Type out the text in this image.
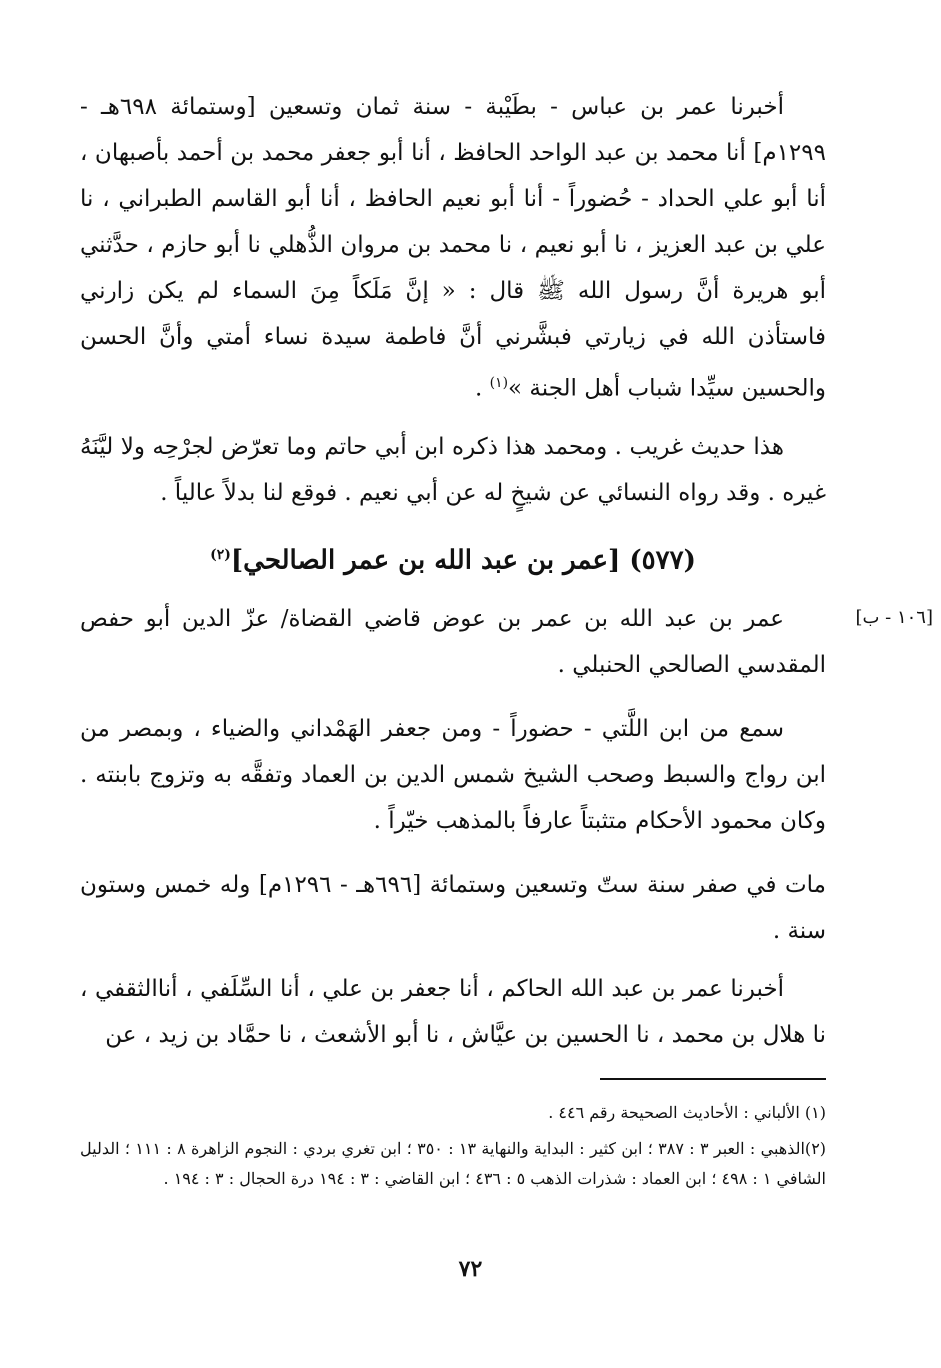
أخبرنا عمر بن عباس - بطَيْبة - سنة ثمان وتسعين [وستمائة ٦٩٨هـ - ١٢٩٩م] أنا محمد بن عبد الواحد الحافظ ، أنا أبو جعفر محمد بن أحمد بأصبهان ، أنا أبو علي الحداد - حُضوراً - أنا أبو نعيم الحافظ ، أنا أبو القاسم الطبراني ، نا علي بن عبد العزيز ، نا أبو نعيم ، نا محمد بن مروان الذُّهلي نا أبو حازم ، حدَّثني أبو هريرة أنَّ رسول الله ﷺ قال : « إنَّ مَلَكاً مِنَ السماء لم يكن زارني فاستأذن الله في زيارتي فبشَّرني أنَّ فاطمة سيدة نساء أمتي وأنَّ الحسن والحسين سيِّدا شباب أهل الجنة »$^{(١)}$ .

هذا حديث غريب . ومحمد هذا ذكره ابن أبي حاتم وما تعرّض لجرْحِه ولا ليَّنَهُ غيره . وقد رواه النسائي عن شيخٍ له عن أبي نعيم . فوقع لنا بدلاً عالياً .

(٥٧٧) [عمر بن عبد الله بن عمر الصالحي]$^{(٢)}$
[١٠٦ - ب]

عمر بن عبد الله بن عمر بن عوض قاضي القضاة/ عزّ الدين أبو حفص المقدسي الصالحي الحنبلي .

سمع من ابن اللَّتي - حضوراً - ومن جعفر الهَمْداني والضياء ، وبمصر من ابن رواج والسبط وصحب الشيخ شمس الدين بن العماد وتفقَّه به وتزوج بابنته . وكان محمود الأحكام متثبتاً عارفاً بالمذهب خيّراً .

مات في صفر سنة ستّ وتسعين وستمائة [٦٩٦هـ - ١٢٩٦م] وله خمس وستون سنة .

أخبرنا عمر بن عبد الله الحاكم ، أنا جعفر بن علي ، أنا السِّلَفي ، أناالثقفي ، نا هلال بن محمد ، نا الحسين بن عيَّاش ، نا أبو الأشعث ، نا حمَّاد بن زيد ، عن

(١) الألباني : الأحاديث الصحيحة رقم ٤٤٦ .

(٢)الذهبي : العبر ٣ : ٣٨٧ ؛ ابن كثير : البداية والنهاية ١٣ : ٣٥٠ ؛ ابن تغري بردي : النجوم الزاهرة ٨ : ١١١ ؛ الدليل الشافي ١ : ٤٩٨ ؛ ابن العماد : شذرات الذهب ٥ : ٤٣٦ ؛ ابن القاضي : ٣ : ١٩٤ درة الحجال : ٣ : ١٩٤ .

٧٢
